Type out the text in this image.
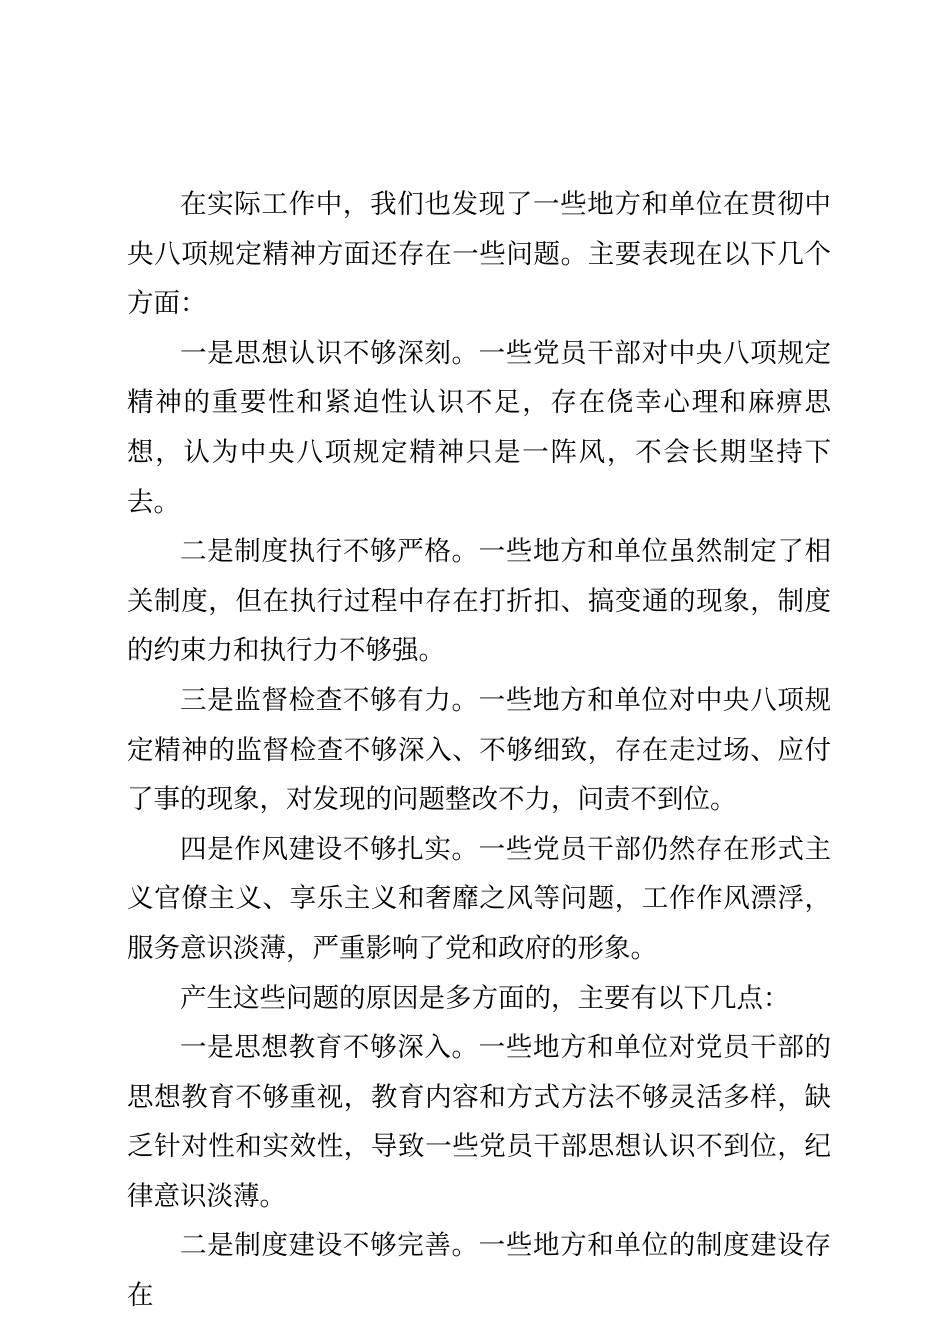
在实际工作中，我们也发现了一些地方和单位在贯彻中央八项规定精神方面还存在一些问题。主要表现在以下几个方面：

一是思想认识不够深刻。一些党员干部对中央八项规定精神的重要性和紧迫性认识不足，存在侥幸心理和麻痹思想，认为中央八项规定精神只是一阵风，不会长期坚持下去。

二是制度执行不够严格。一些地方和单位虽然制定了相关制度，但在执行过程中存在打折扣、搞变通的现象，制度的约束力和执行力不够强。

三是监督检查不够有力。一些地方和单位对中央八项规定精神的监督检查不够深入、不够细致，存在走过场、应付了事的现象，对发现的问题整改不力，问责不到位。

四是作风建设不够扎实。一些党员干部仍然存在形式主义官僚主义、享乐主义和奢靡之风等问题，工作作风漂浮，服务意识淡薄，严重影响了党和政府的形象。

产生这些问题的原因是多方面的，主要有以下几点：

一是思想教育不够深入。一些地方和单位对党员干部的思想教育不够重视，教育内容和方式方法不够灵活多样，缺乏针对性和实效性，导致一些党员干部思想认识不到位，纪律意识淡薄。

二是制度建设不够完善。一些地方和单位的制度建设存在
